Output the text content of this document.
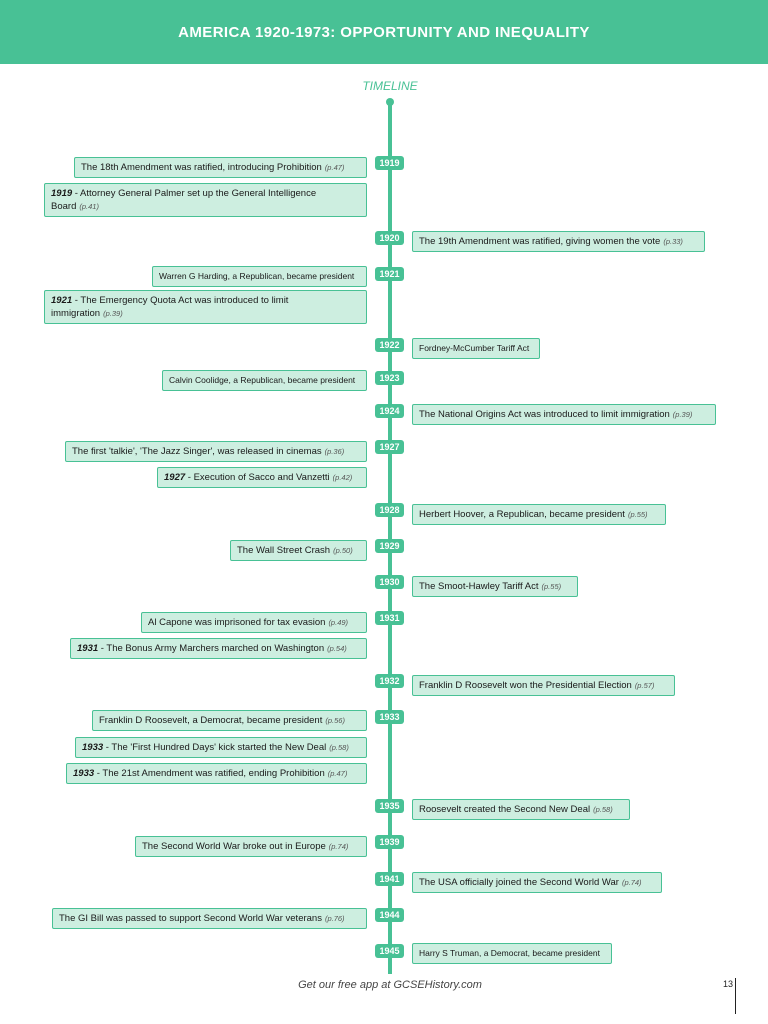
AMERICA 1920-1973: OPPORTUNITY AND INEQUALITY
TIMELINE
1919
1920
1921
1922
1923
1924
1927
1928
1929
1930
1931
1932
1933
1935
1939
1941
1944
1945
The 18th Amendment was ratified, introducing Prohibition (p.47)
1919 - Attorney General Palmer set up the General Intelligence Board (p.41)
The 19th Amendment was ratified, giving women the vote (p.33)
Warren G Harding, a Republican, became president
1921 - The Emergency Quota Act was introduced to limit immigration (p.39)
Fordney-McCumber Tariff Act
Calvin Coolidge, a Republican, became president
The National Origins Act was introduced to limit immigration (p.39)
The first 'talkie', 'The Jazz Singer', was released in cinemas (p.36)
1927 - Execution of Sacco and Vanzetti (p.42)
Herbert Hoover, a Republican, became president (p.55)
The Wall Street Crash (p.50)
The Smoot-Hawley Tariff Act (p.55)
Al Capone was imprisoned for tax evasion (p.49)
1931 - The Bonus Army Marchers marched on Washington (p.54)
Franklin D Roosevelt won the Presidential Election (p.57)
Franklin D Roosevelt, a Democrat, became president (p.56)
1933 - The 'First Hundred Days' kick started the New Deal (p.58)
1933 - The 21st Amendment was ratified, ending Prohibition (p.47)
Roosevelt created the Second New Deal (p.58)
The Second World War broke out in Europe (p.74)
The USA officially joined the Second World War (p.74)
The GI Bill was passed to support Second World War veterans (p.76)
Harry S Truman, a Democrat, became president
Get our free app at GCSEHistory.com	13
